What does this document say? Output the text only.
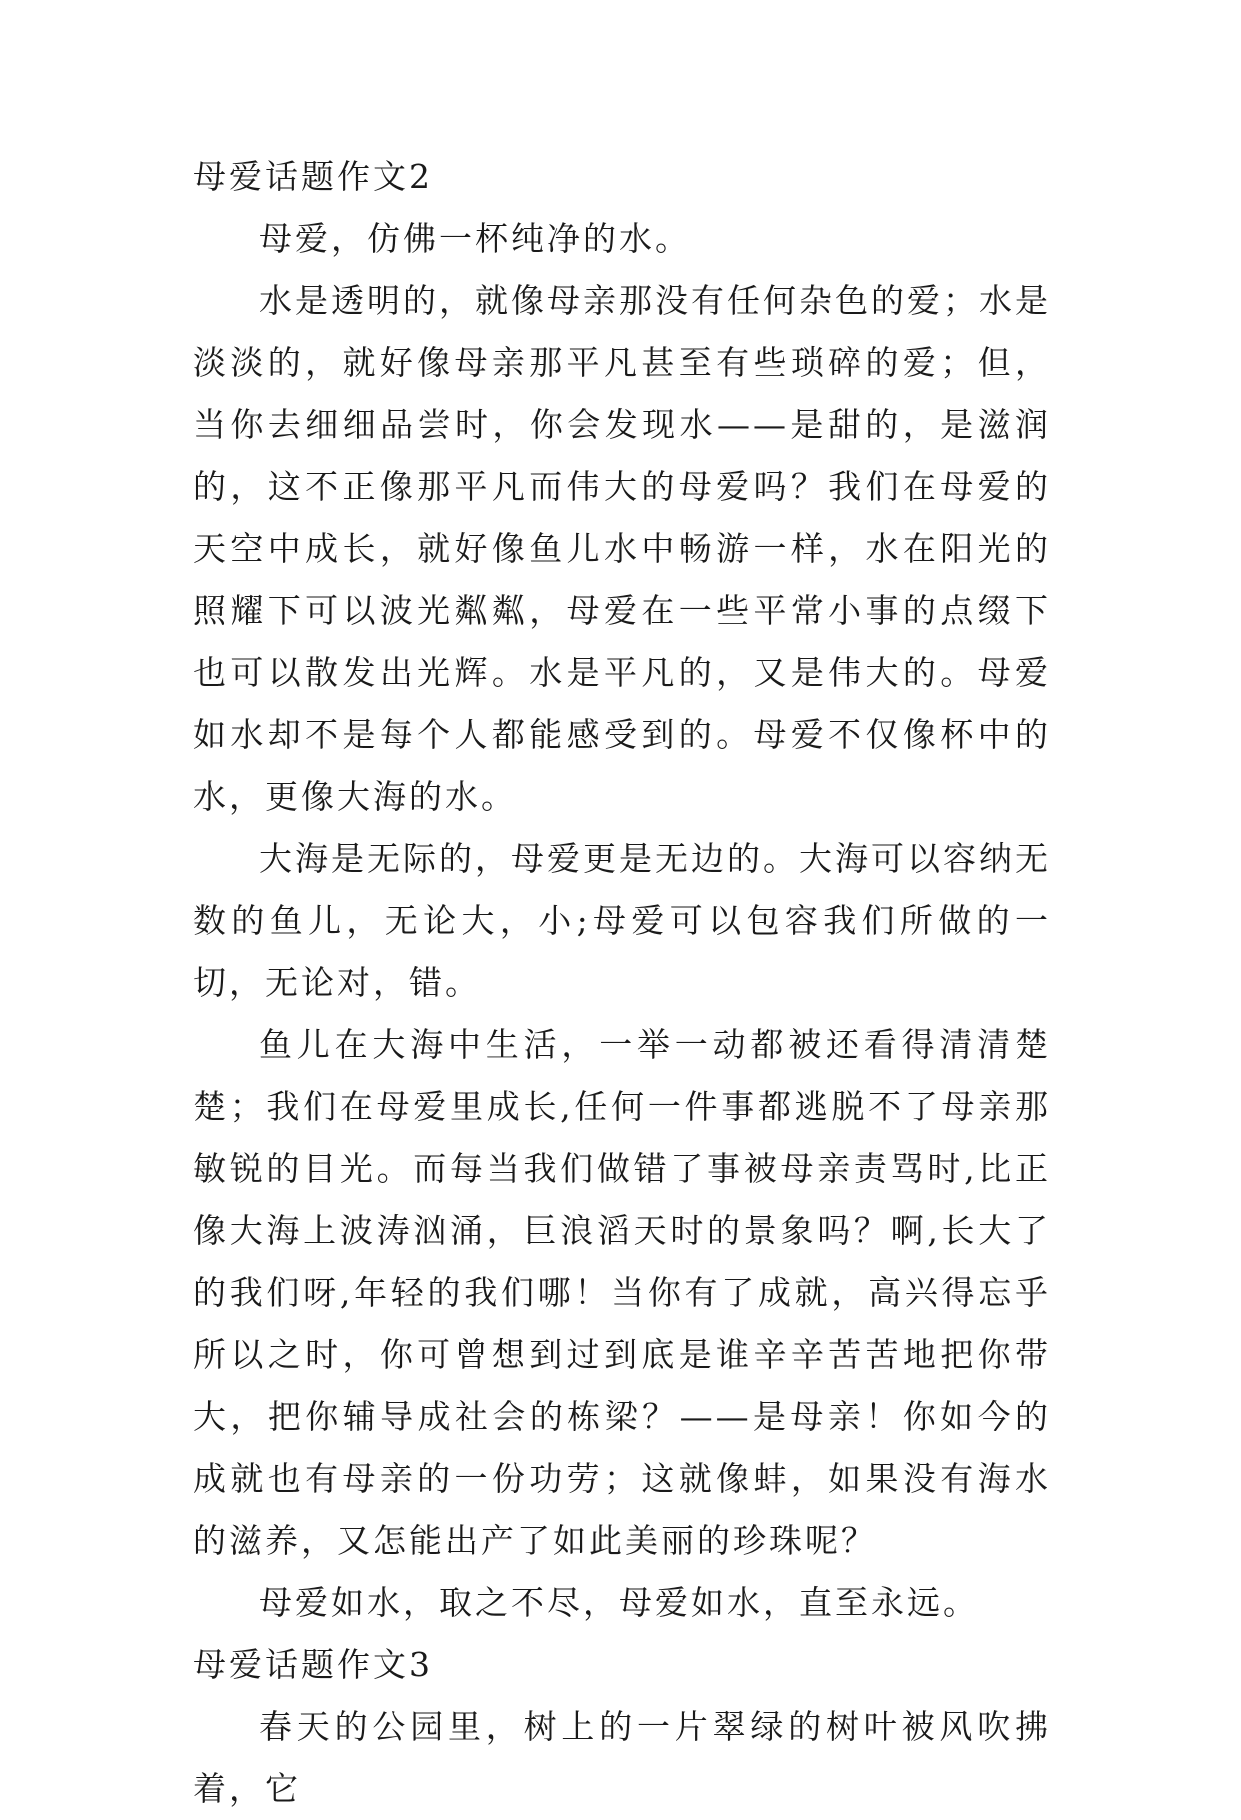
母爱话题作文2

母爱，仿佛一杯纯净的水。

水是透明的，就像母亲那没有任何杂色的爱；水是淡淡的，就好像母亲那平凡甚至有些琐碎的爱；但，当你去细细品尝时，你会发现水——是甜的，是滋润的，这不正像那平凡而伟大的母爱吗？我们在母爱的天空中成长，就好像鱼儿水中畅游一样，水在阳光的照耀下可以波光粼粼，母爱在一些平常小事的点缀下也可以散发出光辉。水是平凡的，又是伟大的。母爱如水却不是每个人都能感受到的。母爱不仅像杯中的水，更像大海的水。

大海是无际的，母爱更是无边的。大海可以容纳无数的鱼儿，无论大，小;母爱可以包容我们所做的一切，无论对，错。

鱼儿在大海中生活，一举一动都被还看得清清楚楚；我们在母爱里成长,任何一件事都逃脱不了母亲那敏锐的目光。而每当我们做错了事被母亲责骂时,比正像大海上波涛汹涌，巨浪滔天时的景象吗？啊,长大了的我们呀,年轻的我们哪！当你有了成就，高兴得忘乎所以之时，你可曾想到过到底是谁辛辛苦苦地把你带大，把你辅导成社会的栋梁？——是母亲！你如今的成就也有母亲的一份功劳；这就像蚌，如果没有海水的滋养，又怎能出产了如此美丽的珍珠呢？

母爱如水，取之不尽，母爱如水，直至永远。

母爱话题作文3

春天的公园里，树上的一片翠绿的树叶被风吹拂着，它
